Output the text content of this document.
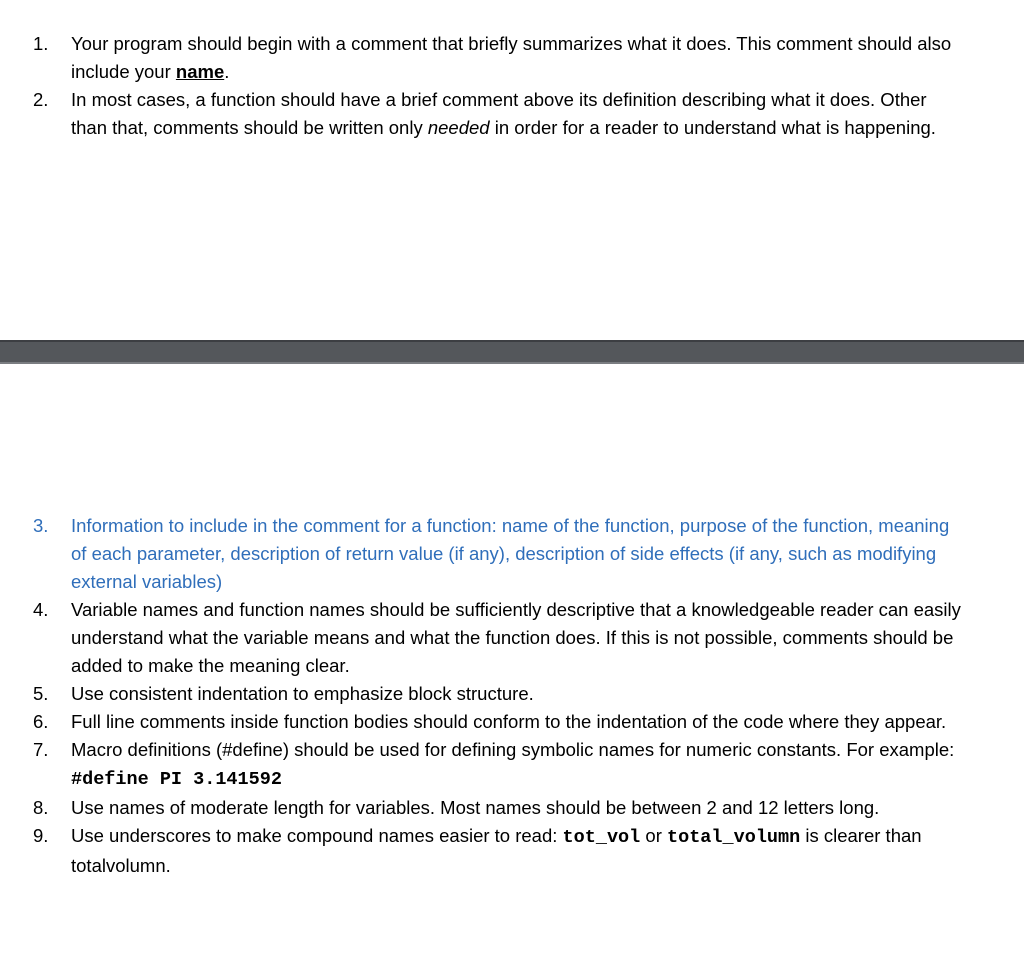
1. Your program should begin with a comment that briefly summarizes what it does. This comment should also include your name.
2. In most cases, a function should have a brief comment above its definition describing what it does. Other than that, comments should be written only needed in order for a reader to understand what is happening.
3. Information to include in the comment for a function: name of the function, purpose of the function, meaning of each parameter, description of return value (if any), description of side effects (if any, such as modifying external variables)
4. Variable names and function names should be sufficiently descriptive that a knowledgeable reader can easily understand what the variable means and what the function does. If this is not possible, comments should be added to make the meaning clear.
5. Use consistent indentation to emphasize block structure.
6. Full line comments inside function bodies should conform to the indentation of the code where they appear.
7. Macro definitions (#define) should be used for defining symbolic names for numeric constants. For example: #define PI 3.141592
8. Use names of moderate length for variables. Most names should be between 2 and 12 letters long.
9. Use underscores to make compound names easier to read: tot_vol or total_volumn is clearer than totalvolumn.
